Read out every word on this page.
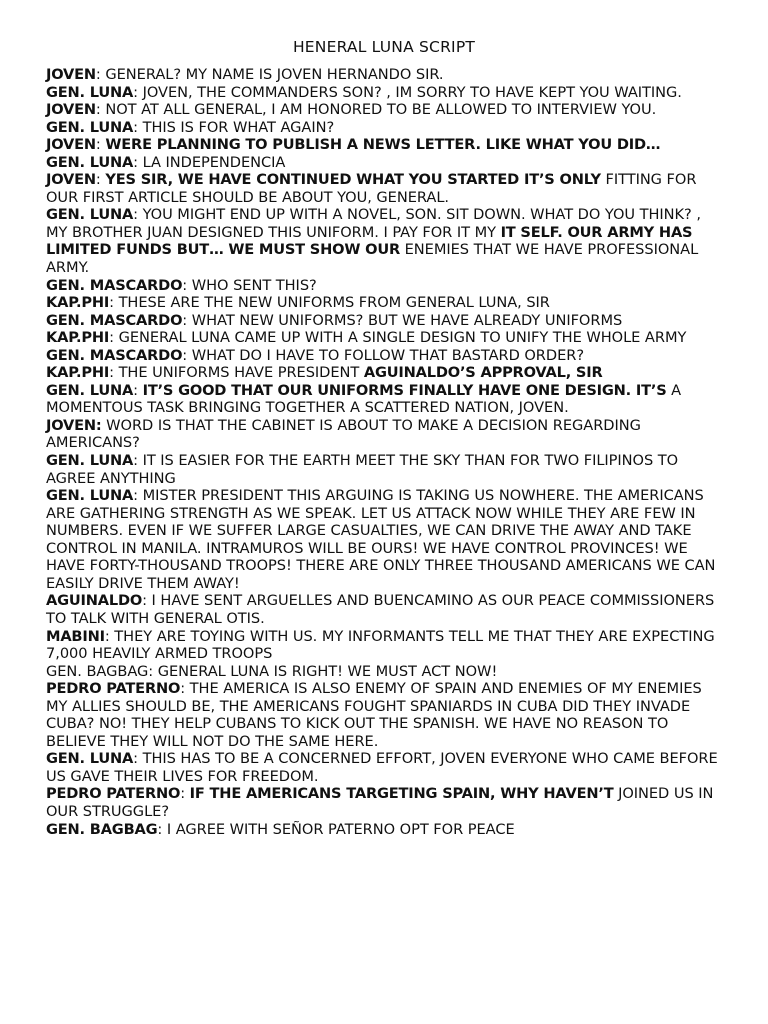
HENERAL LUNA SCRIPT

JOVEN: GENERAL? MY NAME IS JOVEN HERNANDO SIR.

GEN. LUNA: JOVEN, THE COMMANDERS SON? , IM SORRY TO HAVE KEPT YOU WAITING.

JOVEN: NOT AT ALL GENERAL, I AM HONORED TO BE ALLOWED TO INTERVIEW YOU.

GEN. LUNA: THIS IS FOR WHAT AGAIN?

JOVEN: WERE PLANNING TO PUBLISH A NEWS LETTER. LIKE WHAT YOU DID…

GEN. LUNA: LA INDEPENDENCIA

JOVEN: YES SIR, WE HAVE CONTINUED WHAT YOU STARTED IT’S ONLY FITTING FOR OUR FIRST ARTICLE SHOULD BE ABOUT YOU, GENERAL.

GEN. LUNA: YOU MIGHT END UP WITH A NOVEL, SON. SIT DOWN. WHAT DO YOU THINK? , MY BROTHER JUAN DESIGNED THIS UNIFORM. I PAY FOR IT MY IT SELF. OUR ARMY HAS LIMITED FUNDS BUT… WE MUST SHOW OUR ENEMIES THAT WE HAVE PROFESSIONAL ARMY.

GEN. MASCARDO: WHO SENT THIS?

KAP.PHI: THESE ARE THE NEW UNIFORMS FROM GENERAL LUNA, SIR

GEN. MASCARDO: WHAT NEW UNIFORMS? BUT WE HAVE ALREADY UNIFORMS

KAP.PHI: GENERAL LUNA CAME UP WITH A SINGLE DESIGN TO UNIFY THE WHOLE ARMY

GEN. MASCARDO: WHAT DO I HAVE TO FOLLOW THAT BASTARD ORDER?

KAP.PHI: THE UNIFORMS HAVE PRESIDENT AGUINALDO’S APPROVAL, SIR

GEN. LUNA: IT’S GOOD THAT OUR UNIFORMS FINALLY HAVE ONE DESIGN. IT’S A MOMENTOUS TASK BRINGING TOGETHER A SCATTERED NATION, JOVEN.

JOVEN: WORD IS THAT THE CABINET IS ABOUT TO MAKE A DECISION REGARDING AMERICANS?

GEN. LUNA: IT IS EASIER FOR THE EARTH MEET THE SKY THAN FOR TWO FILIPINOS TO AGREE ANYTHING

GEN. LUNA: MISTER PRESIDENT THIS ARGUING IS TAKING US NOWHERE. THE AMERICANS ARE GATHERING STRENGTH AS WE SPEAK. LET US ATTACK NOW WHILE THEY ARE FEW IN NUMBERS. EVEN IF WE SUFFER LARGE CASUALTIES, WE CAN DRIVE THE AWAY AND TAKE CONTROL IN MANILA. INTRAMUROS WILL BE OURS! WE HAVE CONTROL PROVINCES! WE HAVE FORTY-THOUSAND TROOPS! THERE ARE ONLY THREE THOUSAND AMERICANS WE CAN EASILY DRIVE THEM AWAY!

AGUINALDO: I HAVE SENT ARGUELLES AND BUENCAMINO AS OUR PEACE COMMISSIONERS TO TALK WITH GENERAL OTIS.

MABINI: THEY ARE TOYING WITH US. MY INFORMANTS TELL ME THAT THEY ARE EXPECTING 7,000 HEAVILY ARMED TROOPS

GEN. BAGBAG: GENERAL LUNA IS RIGHT! WE MUST ACT NOW!

PEDRO PATERNO: THE AMERICA IS ALSO ENEMY OF SPAIN AND ENEMIES OF MY ENEMIES MY ALLIES SHOULD BE, THE AMERICANS FOUGHT SPANIARDS IN CUBA DID THEY INVADE CUBA? NO! THEY HELP CUBANS TO KICK OUT THE SPANISH. WE HAVE NO REASON TO BELIEVE THEY WILL NOT DO THE SAME HERE.

GEN. LUNA: THIS HAS TO BE A CONCERNED EFFORT, JOVEN EVERYONE WHO CAME BEFORE US GAVE THEIR LIVES FOR FREEDOM.

PEDRO PATERNO: IF THE AMERICANS TARGETING SPAIN, WHY HAVEN’T JOINED US IN OUR STRUGGLE?

GEN. BAGBAG: I AGREE WITH SEÑOR PATERNO OPT FOR PEACE
